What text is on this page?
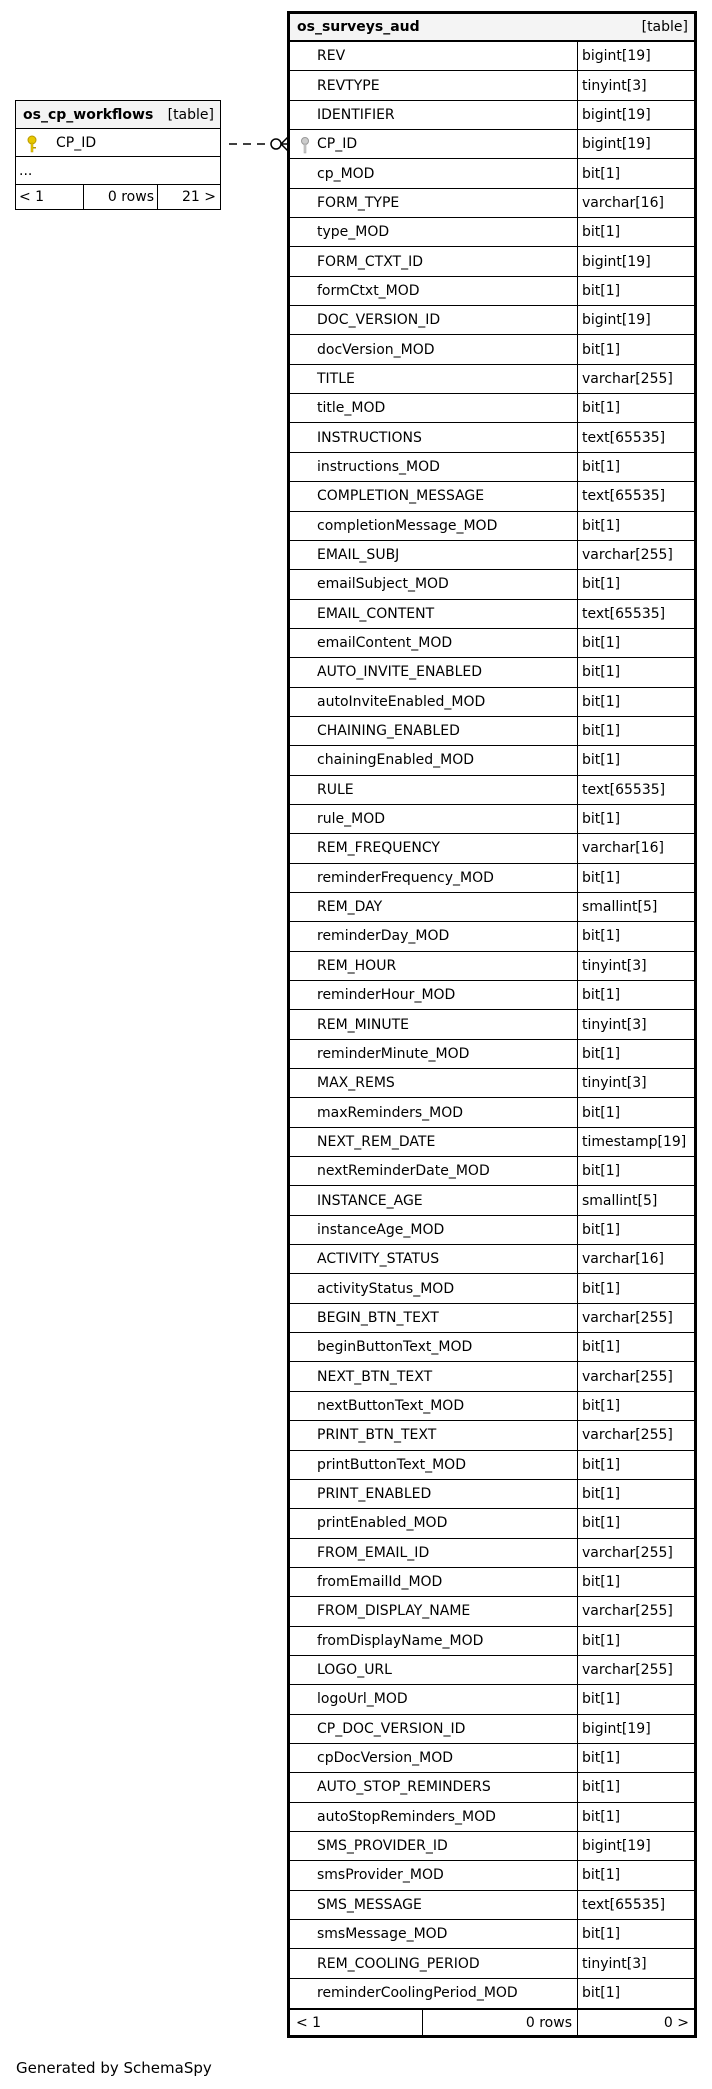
os_cp_workflows [table]
CP_ID
...
< 1	0 rows	21 >
os_surveys_aud	[table]
REV	bigint[19]
REVTYPE	tinyint[3]
IDENTIFIER	bigint[19]
CP_ID	bigint[19]
cp_MOD	bit[1]
FORM_TYPE	varchar[16]
type_MOD	bit[1]
FORM_CTXT_ID	bigint[19]
formCtxt_MOD	bit[1]
DOC_VERSION_ID	bigint[19]
docVersion_MOD	bit[1]
TITLE	varchar[255]
title_MOD	bit[1]
INSTRUCTIONS	text[65535]
instructions_MOD	bit[1]
COMPLETION_MESSAGE	text[65535]
completionMessage_MOD	bit[1]
EMAIL_SUBJ	varchar[255]
emailSubject_MOD	bit[1]
EMAIL_CONTENT	text[65535]
emailContent_MOD	bit[1]
AUTO_INVITE_ENABLED	bit[1]
autoInviteEnabled_MOD	bit[1]
CHAINING_ENABLED	bit[1]
chainingEnabled_MOD	bit[1]
RULE	text[65535]
rule_MOD	bit[1]
REM_FREQUENCY	varchar[16]
reminderFrequency_MOD	bit[1]
REM_DAY	smallint[5]
reminderDay_MOD	bit[1]
REM_HOUR	tinyint[3]
reminderHour_MOD	bit[1]
REM_MINUTE	tinyint[3]
reminderMinute_MOD	bit[1]
MAX_REMS	tinyint[3]
maxReminders_MOD	bit[1]
NEXT_REM_DATE	timestamp[19]
nextReminderDate_MOD	bit[1]
INSTANCE_AGE	smallint[5]
instanceAge_MOD	bit[1]
ACTIVITY_STATUS	varchar[16]
activityStatus_MOD	bit[1]
BEGIN_BTN_TEXT	varchar[255]
beginButtonText_MOD	bit[1]
NEXT_BTN_TEXT	varchar[255]
nextButtonText_MOD	bit[1]
PRINT_BTN_TEXT	varchar[255]
printButtonText_MOD	bit[1]
PRINT_ENABLED	bit[1]
printEnabled_MOD	bit[1]
FROM_EMAIL_ID	varchar[255]
fromEmailId_MOD	bit[1]
FROM_DISPLAY_NAME	varchar[255]
fromDisplayName_MOD	bit[1]
LOGO_URL	varchar[255]
logoUrl_MOD	bit[1]
CP_DOC_VERSION_ID	bigint[19]
cpDocVersion_MOD	bit[1]
AUTO_STOP_REMINDERS	bit[1]
autoStopReminders_MOD	bit[1]
SMS_PROVIDER_ID	bigint[19]
smsProvider_MOD	bit[1]
SMS_MESSAGE	text[65535]
smsMessage_MOD	bit[1]
REM_COOLING_PERIOD	tinyint[3]
reminderCoolingPeriod_MOD	bit[1]
< 1	0 rows	0 >
Generated by SchemaSpy
